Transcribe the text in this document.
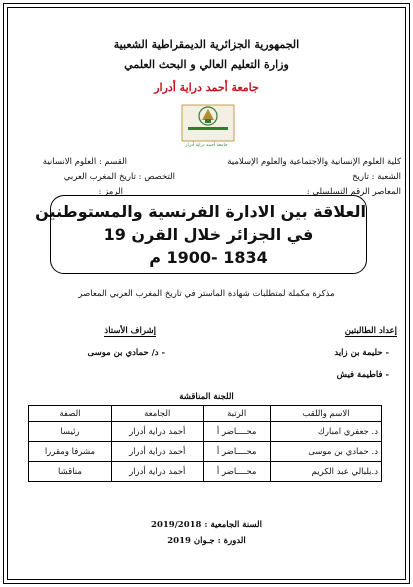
الجمهورية الجزائرية الديمقراطية الشعبية
وزارة التعليم العالي و البحث العلمي
جامعة أحمد دراية أدرار
جامعة أحمد دراية أدرار
كلية العلوم الإنسانية والاجتماعية والعلوم الإسلامية
القسم : العلوم الانسانية
الشعبة : تاريخ
التخصص : تاريخ المغرب العربي
المعاصر الرقم التسلسلي :
الرمز :
العلاقة بين الادارة الفرنسية والمستوطنين
في الجزائر خلال القرن 19
1834 -1900 م
مذكرة مكملة لمتطلبات شهادة الماستر في تاريخ المغرب العربي المعاصر
إعداد الطالبتين
- حليمة بن زايد
- فاطيمة فيش
إشراف الأستاذ
- د/ حمادي بن موسى
اللجنة المناقشة
الاسم واللقب	الرتبة	الجامعة	الصفة
د. جعفري امبارك	محــــاضر أ	أحمد دراية أدرار	رئيسا
د. حمادي بن موسى	محــــاضر أ	أحمد دراية أدرار	مشرفا ومقررا
د.بلبالي عبد الكريم	محــــاضر أ	أحمد دراية أدرار	مناقشا
السنة الجامعية : 2019/2018
الدورة : جـوان 2019
